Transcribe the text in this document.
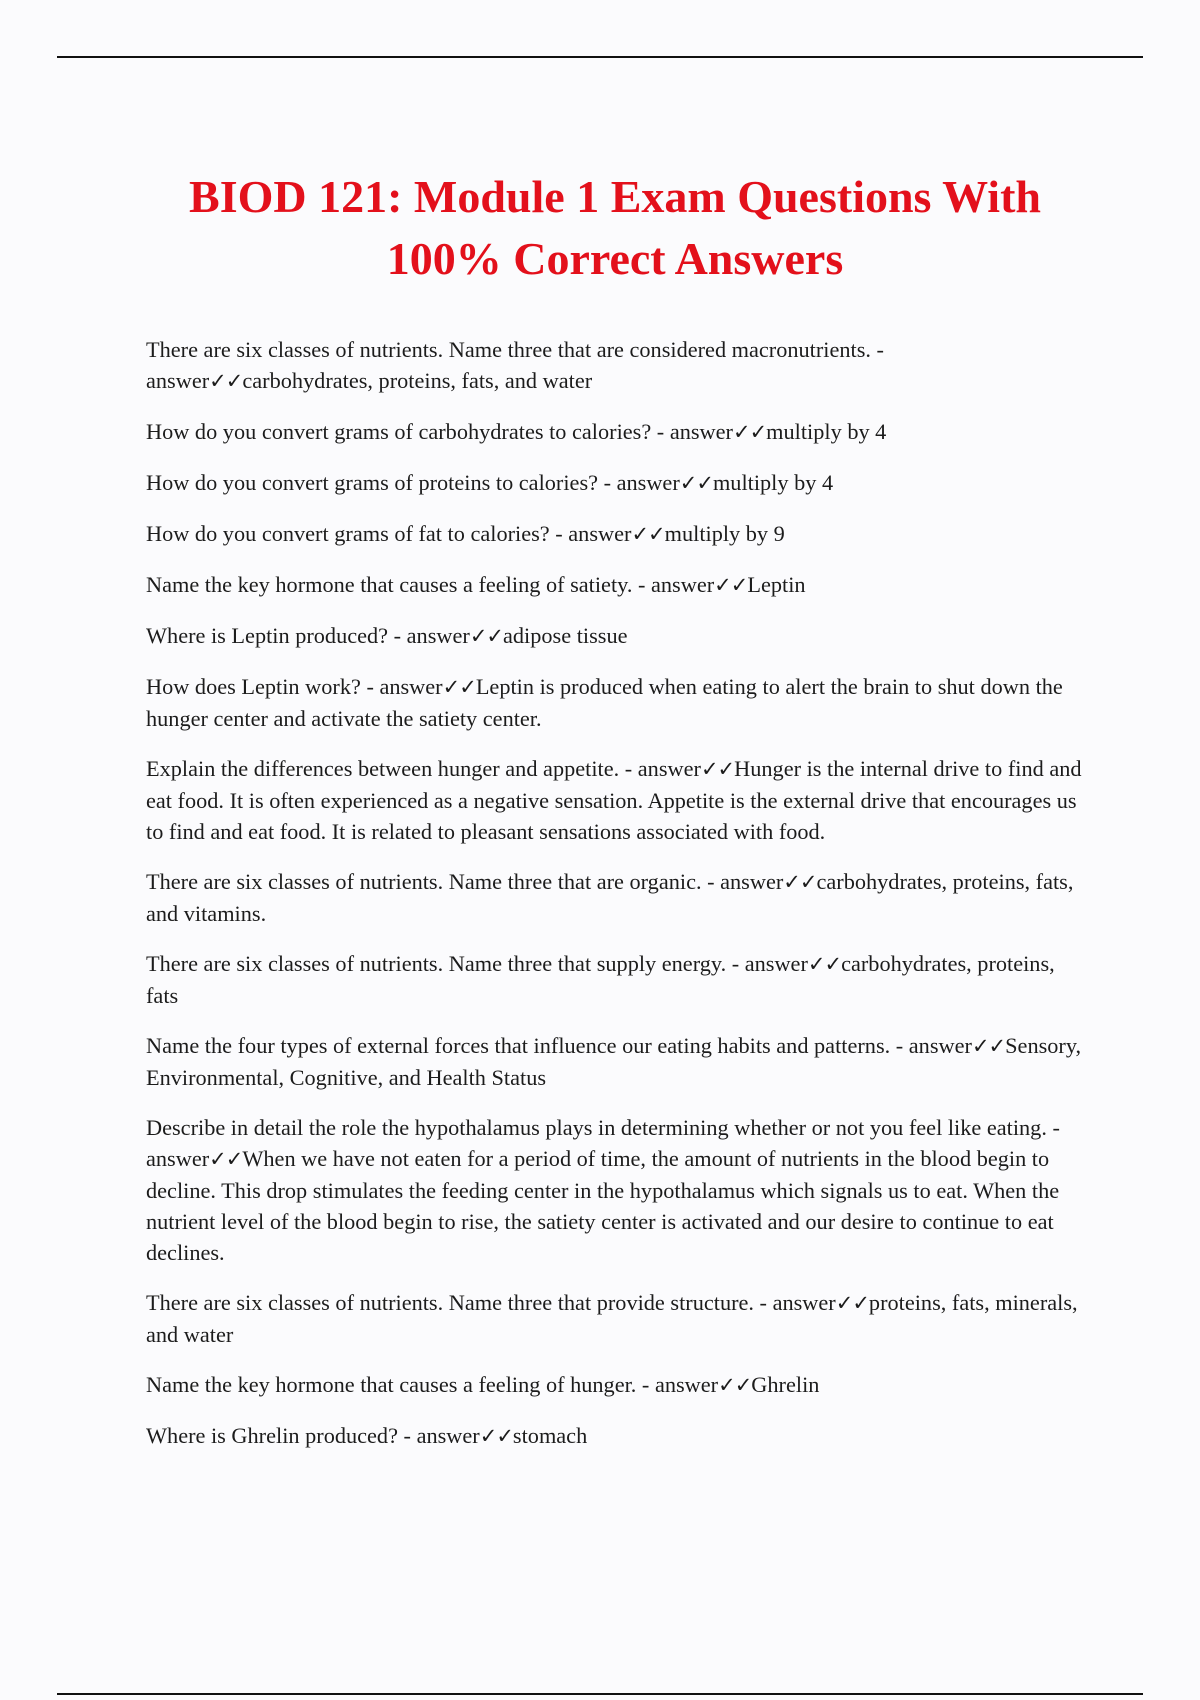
BIOD 121: Module 1 Exam Questions With
100% Correct Answers
There are six classes of nutrients. Name three that are considered macronutrients. - answer✓✓carbohydrates, proteins, fats, and water
How do you convert grams of carbohydrates to calories? - answer✓✓multiply by 4
How do you convert grams of proteins to calories? - answer✓✓multiply by 4
How do you convert grams of fat to calories? - answer✓✓multiply by 9
Name the key hormone that causes a feeling of satiety. - answer✓✓Leptin
Where is Leptin produced? - answer✓✓adipose tissue
How does Leptin work? - answer✓✓Leptin is produced when eating to alert the brain to shut down the hunger center and activate the satiety center.
Explain the differences between hunger and appetite. - answer✓✓Hunger is the internal drive to find and eat food. It is often experienced as a negative sensation. Appetite is the external drive that encourages us to find and eat food. It is related to pleasant sensations associated with food.
There are six classes of nutrients. Name three that are organic. - answer✓✓carbohydrates, proteins, fats, and vitamins.
There are six classes of nutrients. Name three that supply energy. - answer✓✓carbohydrates, proteins, fats
Name the four types of external forces that influence our eating habits and patterns. - answer✓✓Sensory, Environmental, Cognitive, and Health Status
Describe in detail the role the hypothalamus plays in determining whether or not you feel like eating. - answer✓✓When we have not eaten for a period of time, the amount of nutrients in the blood begin to decline. This drop stimulates the feeding center in the hypothalamus which signals us to eat. When the nutrient level of the blood begin to rise, the satiety center is activated and our desire to continue to eat declines.
There are six classes of nutrients. Name three that provide structure. - answer✓✓proteins, fats, minerals, and water
Name the key hormone that causes a feeling of hunger. - answer✓✓Ghrelin
Where is Ghrelin produced? - answer✓✓stomach
